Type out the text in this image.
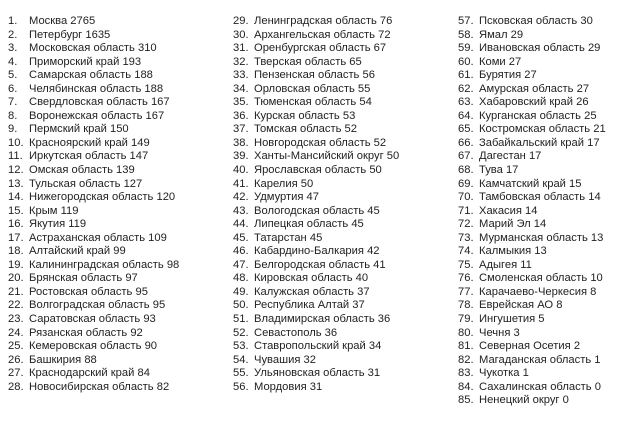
1. Москва 2765
2. Петербург 1635
3. Московская область 310
4. Приморский край 193
5. Самарская область 188
6. Челябинская область 188
7. Свердловская область 167
8. Воронежская область 167
9. Пермский край 150
10. Красноярский край 149
11. Иркутская область 147
12. Омская область 139
13. Тульская область 127
14. Нижегородская область 120
15. Крым 119
16. Якутия 119
17. Астраханская область 109
18. Алтайский край 99
19. Калининградская область 98
20. Брянская область 97
21. Ростовская область 95
22. Волгоградская область 95
23. Саратовская область 93
24. Рязанская область 92
25. Кемеровская область 90
26. Башкирия 88
27. Краснодарский край 84
28. Новосибирская область 82
29. Ленинградская область 76
30. Архангельская область 72
31. Оренбургская область 67
32. Тверская область 65
33. Пензенская область 56
34. Орловская область 55
35. Тюменская область 54
36. Курская область 53
37. Томская область 52
38. Новгородская область 52
39. Ханты-Мансийский округ 50
40. Ярославская область 50
41. Карелия 50
42. Удмуртия 47
43. Вологодская область 45
44. Липецкая область 45
45. Татарстан 45
46. Кабардино-Балкария 42
47. Белгородская область 41
48. Кировская область 40
49. Калужская область 37
50. Республика Алтай 37
51. Владимирская область 36
52. Севастополь 36
53. Ставропольский край 34
54. Чувашия 32
55. Ульяновская область 31
56. Мордовия 31
57. Псковская область 30
58. Ямал 29
59. Ивановская область 29
60. Коми 27
61. Бурятия 27
62. Амурская область 27
63. Хабаровский край 26
64. Курганская область 25
65. Костромская область 21
66. Забайкальский край 17
67. Дагестан 17
68. Тува 17
69. Камчатский край 15
70. Тамбовская область 14
71. Хакасия 14
72. Марий Эл 14
73. Мурманская область 13
74. Калмыкия 13
75. Адыгея 11
76. Смоленская область 10
77. Карачаево-Черкесия 8
78. Еврейская АО 8
79. Ингушетия 5
80. Чечня 3
81. Северная Осетия 2
82. Магаданская область 1
83. Чукотка 1
84. Сахалинская область 0
85. Ненецкий округ 0
